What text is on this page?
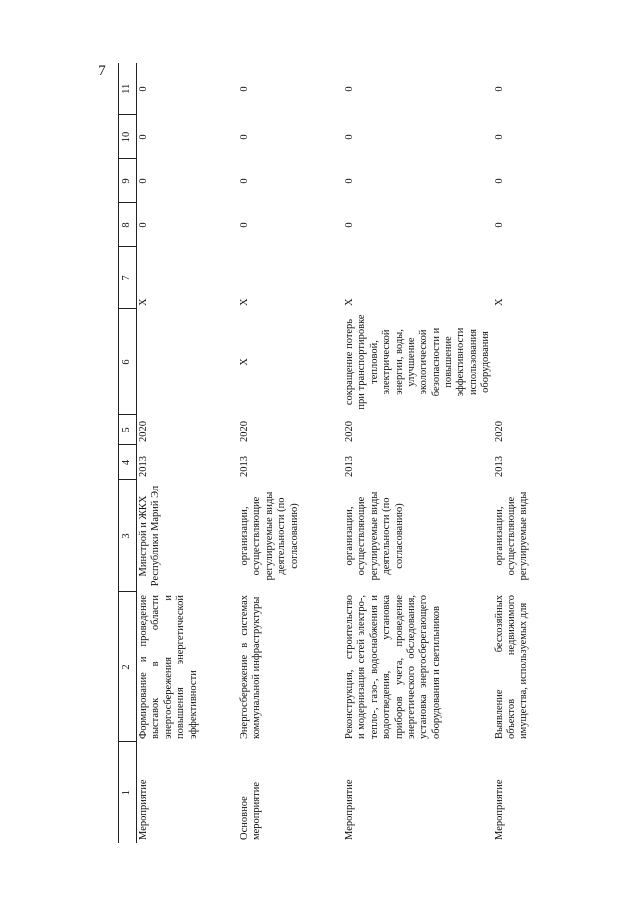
7
1	2	3	4	5	6	7	8	9	10	11
Мероприятие	Формирование и проведение выставок в области энергосбережения и повышения энергетической эффективности	Минстрой и ЖКХ Республики Марий Эл	2013	2020		Х	0	0	0	0
Основное мероприятие	Энергосбережение в системах коммунальной инфраструктуры	организации, осуществляющие регулируемые виды деятельности (по согласованию)	2013	2020	Х	Х	0	0	0	0
Мероприятие	Реконструкция, строительство и модернизация сетей электро-, тепло-, газо-, водоснабжения и водоотведения, установка приборов учета, проведение энергетического обследования, установка энергосберегающего оборудования и светильников	организации, осуществляющие регулируемые виды деятельности (по согласованию)	2013	2020	сокращение потерь при транспортировке тепловой, электрической энергии, воды, улучшение экологической безопасности и повышение эффективности использования оборудования	Х	0	0	0	0
Мероприятие	Выявление бесхозяйных объектов недвижимого имущества, используемых для	организации, осуществляющие регулируемые виды	2013	2020		Х	0	0	0	0
